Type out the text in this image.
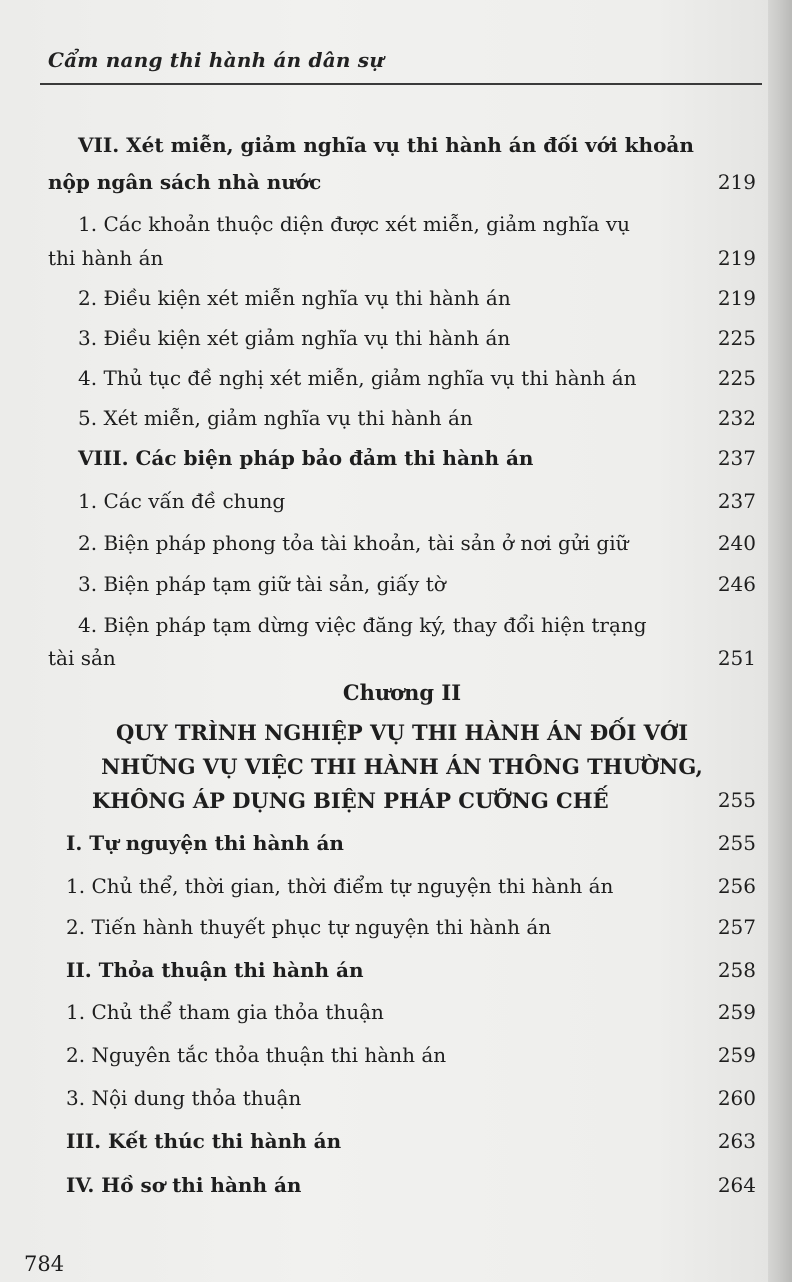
Cẩm nang thi hành án dân sự
VII. Xét miễn, giảm nghĩa vụ thi hành án đối với khoản
nộp ngân sách nhà nước	219
1. Các khoản thuộc diện được xét miễn, giảm nghĩa vụ
thi hành án	219
2. Điều kiện xét miễn nghĩa vụ thi hành án	219
3. Điều kiện xét giảm nghĩa vụ thi hành án	225
4. Thủ tục đề nghị xét miễn, giảm nghĩa vụ thi hành án	225
5. Xét miễn, giảm nghĩa vụ thi hành án	232
VIII. Các biện pháp bảo đảm thi hành án	237
1. Các vấn đề chung	237
2. Biện pháp phong tỏa tài khoản, tài sản ở nơi gửi giữ	240
3. Biện pháp tạm giữ tài sản, giấy tờ	246
4. Biện pháp tạm dừng việc đăng ký, thay đổi hiện trạng
tài sản	251
Chương II
QUY TRÌNH NGHIỆP VỤ THI HÀNH ÁN ĐỐI VỚI
NHỮNG VỤ VIỆC THI HÀNH ÁN THÔNG THƯỜNG,
KHÔNG ÁP DỤNG BIỆN PHÁP CƯỠNG CHẾ	255
I. Tự nguyện thi hành án	255
1. Chủ thể, thời gian, thời điểm tự nguyện thi hành án	256
2. Tiến hành thuyết phục tự nguyện thi hành án	257
II. Thỏa thuận thi hành án	258
1. Chủ thể tham gia thỏa thuận	259
2. Nguyên tắc thỏa thuận thi hành án	259
3. Nội dung thỏa thuận	260
III. Kết thúc thi hành án	263
IV. Hồ sơ thi hành án	264
784
